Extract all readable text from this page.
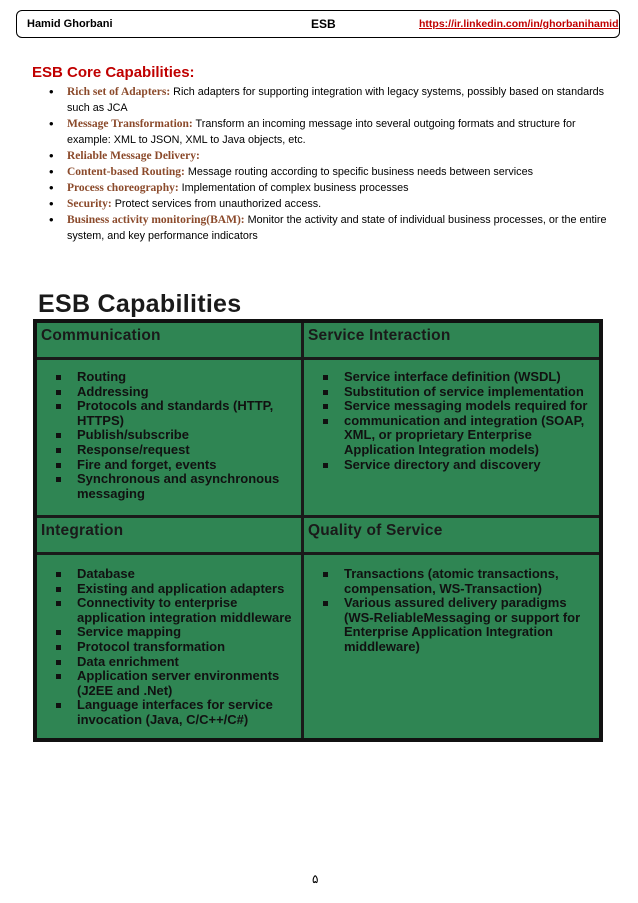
Hamid Ghorbani	ESB	https://ir.linkedin.com/in/ghorbanihamid
ESB Core Capabilities:
• Rich set of Adapters: Rich adapters for supporting integration with legacy systems, possibly based on standards such as JCA
• Message Transformation: Transform an incoming message into several outgoing formats and structure for example: XML to JSON, XML to Java objects, etc.
• Reliable Message Delivery:
• Content-based Routing: Message routing according to specific business needs between services
• Process choreography: Implementation of complex business processes
• Security: Protect services from unauthorized access.
• Business activity monitoring(BAM): Monitor the activity and state of individual business processes, or the entire system, and key performance indicators
ESB Capabilities
Communication
Routing
Addressing
Protocols and standards (HTTP, HTTPS)
Publish/subscribe
Response/request
Fire and forget, events
Synchronous and asynchronous messaging
Service Interaction
Service interface definition (WSDL)
Substitution of service implementation
Service messaging models required for
communication and integration (SOAP, XML, or proprietary Enterprise Application Integration models)
Service directory and discovery
Integration
Database
Existing and application adapters
Connectivity to enterprise application integration middleware
Service mapping
Protocol transformation
Data enrichment
Application server environments (J2EE and .Net)
Language interfaces for service invocation (Java, C/C++/C#)
Quality of Service
Transactions (atomic transactions, compensation, WS-Transaction)
Various assured delivery paradigms (WS-ReliableMessaging or support for Enterprise Application Integration middleware)
۵
